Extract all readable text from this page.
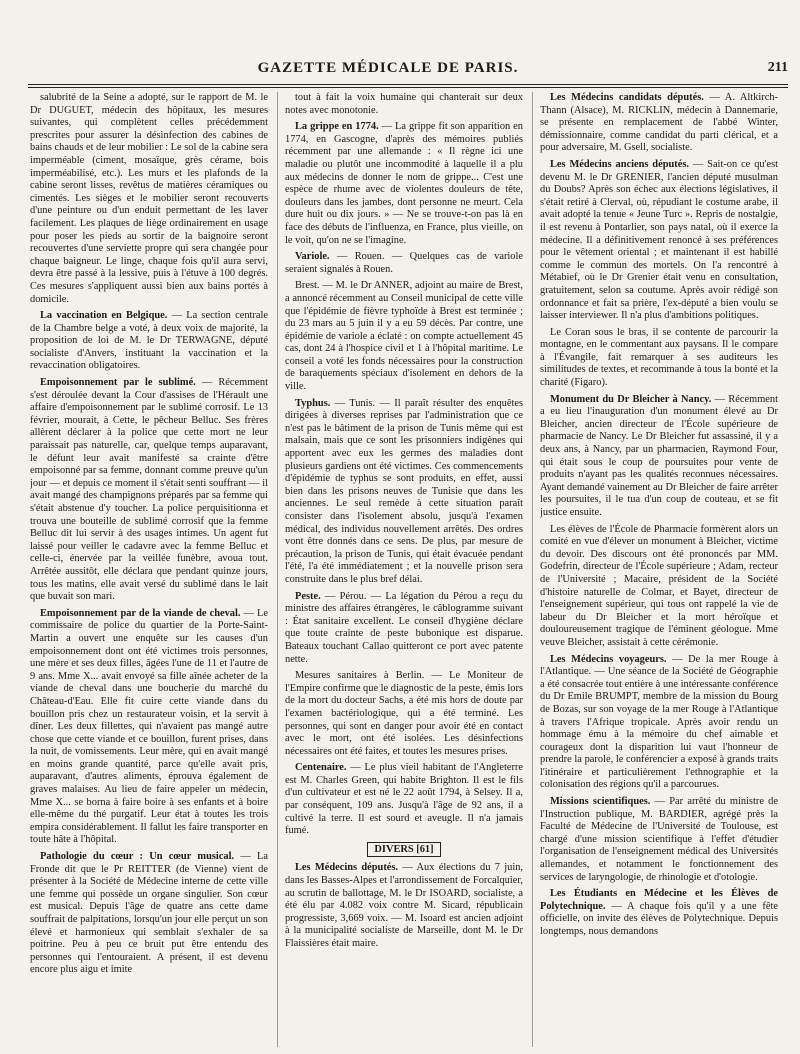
GAZETTE MÉDICALE DE PARIS.	211

salubrité de la Seine a adopté, sur le rapport de M. le Dr DUGUET, médecin des hôpitaux, les mesures suivantes, qui complètent celles précédemment prescrites pour assurer la désinfection des cabines de bains chauds et de leur mobilier : Le sol de la cabine sera imperméable (ciment, mosaïque, grès cérame, bois imperméabilisé, etc.). Les murs et les plafonds de la cabine seront lisses, revêtus de matières céramiques ou cimentés. Les sièges et le mobilier seront recouverts d'une peinture ou d'un enduit permettant de les laver facilement. Les plaques de liège ordinairement en usage pour poser les pieds au sortir de la baignoire seront recouvertes d'une serviette propre qui sera changée pour chaque baigneur. Le linge, chaque fois qu'il aura servi, devra être passé à la lessive, puis à l'étuve à 100 degrés. Ces mesures s'appliquent aussi bien aux bains portés à domicile.

La vaccination en Belgique. — La section centrale de la Chambre belge a voté, à deux voix de majorité, la proposition de loi de M. le Dr TERWAGNE, député socialiste d'Anvers, instituant la vaccination et la revaccination obligatoires.

Empoisonnement par le sublimé. — Récemment s'est déroulée devant la Cour d'assises de l'Hérault une affaire d'empoisonnement par le sublimé corrosif. Le 13 février, mourait, à Cette, le pêcheur Belluc. Ses frères allèrent déclarer à la police que cette mort ne leur paraissait pas naturelle, car, quelque temps auparavant, le défunt leur avait manifesté sa crainte d'être empoisonné par sa femme, donnant comme preuve qu'un jour — et depuis ce moment il s'était senti souffrant — il avait mangé des champignons préparés par sa femme qui s'était abstenue d'y toucher. La police perquisitionna et trouva une bouteille de sublimé corrosif que la femme Belluc dit lui servir à des usages intimes. Un agent fut laissé pour veiller le cadavre avec la femme Belluc et celle-ci, énervée par la veillée funèbre, avoua tout. Arrêtée aussitôt, elle déclara que pendant quinze jours, tous les matins, elle avait versé du sublimé dans le lait que buvait son mari.

Empoisonnement par de la viande de cheval. — Le commissaire de police du quartier de la Porte-Saint-Martin a ouvert une enquête sur les causes d'un empoisonnement dont ont été victimes trois personnes, une mère et ses deux filles, âgées l'une de 11 et l'autre de 9 ans. Mme X... avait envoyé sa fille aînée acheter de la viande de cheval dans une boucherie du marché du Château-d'Eau. Elle fit cuire cette viande dans du bouillon pris chez un restaurateur voisin, et la servit à dîner. Les deux fillettes, qui n'avaient pas mangé autre chose que cette viande et ce bouillon, furent prises, dans la nuit, de vomissements. Leur mère, qui en avait mangé en moins grande quantité, parce qu'elle avait pris, auparavant, d'autres aliments, éprouva également de graves malaises. Au lieu de faire appeler un médecin, Mme X... se borna à faire boire à ses enfants et à boire elle-même du thé purgatif. Leur état à toutes les trois empira considérablement. Il fallut les faire transporter en toute hâte à l'hôpital.

Pathologie du cœur : Un cœur musical. — La Fronde dit que le Pr REITTER (de Vienne) vient de présenter à la Société de Médecine interne de cette ville une femme qui possède un organe singulier. Son cœur est musical. Depuis l'âge de quatre ans cette dame souffrait de palpitations, lorsqu'un jour elle perçut un son élevé et harmonieux qui semblait s'exhaler de sa poitrine. Peu à peu ce bruit put être entendu des personnes qui l'entouraient. A présent, il est devenu encore plus aigu et imite

tout à fait la voix humaine qui chanterait sur deux notes avec monotonie.

La grippe en 1774. — La grippe fit son apparition en 1774, en Gascogne, d'après des mémoires publiés récemment par une allemande : « Il règne ici une maladie ou plutôt une incommodité à laquelle il a plu aux médecins de donner le nom de grippe... C'est une espèce de rhume avec de violentes douleurs de tête, douleurs dans les jambes, dont personne ne meurt. Cela dure huit ou dix jours. » — Ne se trouve-t-on pas là en face des débuts de l'influenza, en France, plus vieille, on le voit, qu'on ne se l'imagine.

Variole. — Rouen. — Quelques cas de variole seraient signalés à Rouen.

Brest. — M. le Dr ANNER, adjoint au maire de Brest, a annoncé récemment au Conseil municipal de cette ville que l'épidémie de fièvre typhoïde à Brest est terminée ; du 23 mars au 5 juin il y a eu 59 décès. Par contre, une épidémie de variole a éclaté : on compte actuellement 45 cas, dont 24 à l'hospice civil et 1 à l'hôpital maritime. Le conseil a voté les fonds nécessaires pour la construction de baraquements spéciaux d'isolement en dehors de la ville.

Typhus. — Tunis. — Il paraît résulter des enquêtes dirigées à diverses reprises par l'administration que ce n'est pas le bâtiment de la prison de Tunis même qui est malsain, mais que ce sont les prisonniers indigènes qui apportent avec eux les germes des maladies dont plusieurs gardiens ont été victimes. Ces commencements d'épidémie de typhus se sont produits, en effet, aussi bien dans les prisons neuves de Tunisie que dans les anciennes. Le seul remède à cette situation paraît consister dans l'isolement absolu, jusqu'à l'examen médical, des individus nouvellement arrêtés. Des ordres vont être donnés dans ce sens. De plus, par mesure de précaution, la prison de Tunis, qui était évacuée pendant l'été, l'a été immédiatement ; et la nouvelle prison sera construite dans le plus bref délai.

Peste. — Pérou. — La légation du Pérou a reçu du ministre des affaires étrangères, le câblogramme suivant : État sanitaire excellent. Le conseil d'hygiène déclare que toute crainte de peste bubonique est disparue. Bateaux touchant Callao quitteront ce port avec patente nette.

Mesures sanitaires à Berlin. — Le Moniteur de l'Empire confirme que le diagnostic de la peste, émis lors de la mort du docteur Sachs, a été mis hors de doute par l'examen bactériologique, qui a été terminé. Les personnes, qui sont en danger pour avoir été en contact avec le mort, ont été isolées. Les désinfections nécessaires ont été faites, et toutes les mesures prises.

Centenaire. — Le plus vieil habitant de l'Angleterre est M. Charles Green, qui habite Brighton. Il est le fils d'un cultivateur et est né le 22 août 1794, à Selsey. Il a, par conséquent, 109 ans. Jusqu'à l'âge de 92 ans, il a cultivé la terre. Il est sourd et aveugle. Il n'a jamais fumé.

DIVERS [61]

Les Médecins députés. — Aux élections du 7 juin, dans les Basses-Alpes et l'arrondissement de Forcalquier, au scrutin de ballottage, M. le Dr ISOARD, socialiste, a été élu par 4.082 voix contre M. Sicard, républicain progressiste, 3,669 voix. — M. Isoard est ancien adjoint à la municipalité socialiste de Marseille, dont M. le Dr Flaissières était maire.

Les Médecins candidats députés. — A. Altkirch-Thann (Alsace), M. RICKLIN, médecin à Dannemarie, se présente en remplacement de l'abbé Winter, démissionnaire, comme candidat du parti clérical, et a pour adversaire, M. Gsell, socialiste.

Les Médecins anciens députés. — Sait-on ce qu'est devenu M. le Dr GRENIER, l'ancien député musulman du Doubs? Après son échec aux élections législatives, il s'était retiré à Clerval, où, répudiant le costume arabe, il avait adopté la tenue « Jeune Turc ». Repris de nostalgie, il est revenu à Pontarlier, son pays natal, où il exerce la médecine. Il a définitivement renoncé à ses préférences pour le vêtement oriental ; et maintenant il est habillé comme le commun des mortels. On l'a rencontré à Métabief, où le Dr Grenier était venu en consultation, gratuitement, selon sa coutume. Après avoir rédigé son ordonnance et fait sa prière, l'ex-député a bien voulu se laisser interviewer. Il n'a plus d'ambitions politiques.

Le Coran sous le bras, il se contente de parcourir la montagne, en le commentant aux paysans. Il le compare à l'Évangile, fait remarquer à ses auditeurs les similitudes de textes, et recommande à tous la bonté et la charité (Figaro).

Monument du Dr Bleicher à Nancy. — Récemment a eu lieu l'inauguration d'un monument élevé au Dr Bleicher, ancien directeur de l'École supérieure de pharmacie de Nancy. Le Dr Bleicher fut assassiné, il y a deux ans, à Nancy, par un pharmacien, Raymond Four, qui était sous le coup de poursuites pour vente de produits n'ayant pas les qualités reconnues nécessaires. Ayant demandé vainement au Dr Bleicher de faire arrêter les poursuites, il le tua d'un coup de couteau, et se fit justice ensuite.

Les élèves de l'École de Pharmacie formèrent alors un comité en vue d'élever un monument à Bleicher, victime du devoir. Des discours ont été prononcés par MM. Godefrin, directeur de l'École supérieure ; Adam, recteur de l'Université ; Macaire, président de la Société d'histoire naturelle de Colmar, et Bayet, directeur de l'enseignement supérieur, qui tous ont rappelé la vie de labeur du Dr Bleicher et la mort héroïque et douloureusement tragique de l'éminent géologue. Mme veuve Bleicher, assistait à cette cérémonie.

Les Médecins voyageurs. — De la mer Rouge à l'Atlantique. — Une séance de la Société de Géographie a été consacrée tout entière à une intéressante conférence du Dr Emile BRUMPT, membre de la mission du Bourg de Bozas, sur son voyage de la mer Rouge à l'Atlantique à travers l'Afrique tropicale. Après avoir rendu un hommage ému à la mémoire du chef aimable et courageux dont la disparition lui vaut l'honneur de prendre la parole, le conférencier a exposé à grands traits l'itinéraire et particulièrement l'ethnographie et la colonisation des régions qu'il a parcourues.

Missions scientifiques. — Par arrêté du ministre de l'Instruction publique, M. BARDIER, agrégé près la Faculté de Médecine de l'Université de Toulouse, est chargé d'une mission scientifique à l'effet d'étudier l'organisation de l'enseignement médical des Universités allemandes, et notamment le fonctionnement des services de laryngologie, de rhinologie et d'otologie.

Les Étudiants en Médecine et les Élèves de Polytechnique. — A chaque fois qu'il y a une fête officielle, on invite des élèves de Polytechnique. Depuis longtemps, nous demandons
